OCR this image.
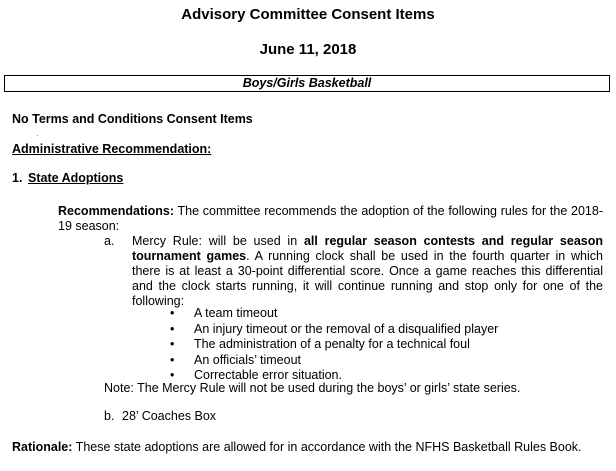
Advisory Committee Consent Items
June 11, 2018
Boys/Girls Basketball
No Terms and Conditions Consent Items
·
Administrative Recommendation:
1. State Adoptions
Recommendations: The committee recommends the adoption of the following rules for the 2018-19 season:
a. Mercy Rule: will be used in all regular season contests and regular season tournament games. A running clock shall be used in the fourth quarter in which there is at least a 30-point differential score. Once a game reaches this differential and the clock starts running, it will continue running and stop only for one of the following:
• A team timeout
• An injury timeout or the removal of a disqualified player
• The administration of a penalty for a technical foul
• An officials’ timeout
• Correctable error situation.
Note: The Mercy Rule will not be used during the boys’ or girls’ state series.
b. 28’ Coaches Box
Rationale: These state adoptions are allowed for in accordance with the NFHS Basketball Rules Book.
